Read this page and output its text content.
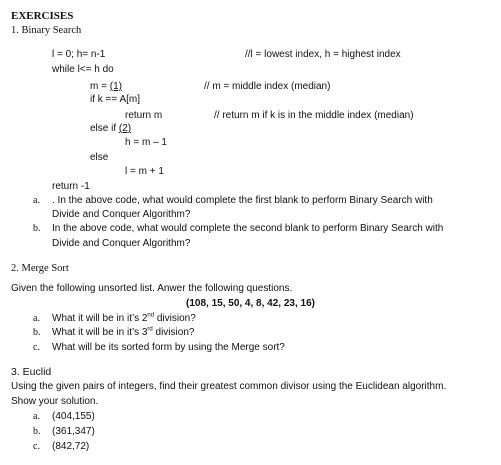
EXERCISES
1. Binary Search
l = 0; h= n-1	//l = lowest index, h = highest index
while l<= h do
m = (1)	// m = middle index (median)
if k == A[m]
return m	// return m if k is in the middle index (median)
else if (2)
h = m – 1
else
l = m + 1
return -1
a. . In the above code, what would complete the first blank to perform Binary Search with
Divide and Conquer Algorithm?
b. In the above code, what would complete the second blank to perform Binary Search with
Divide and Conquer Algorithm?
2. Merge Sort
Given the following unsorted list. Anwer the following questions.
(108, 15, 50, 4, 8, 42, 23, 16)
a. What it will be in it’s 2nd division?
b. What it will be in it’s 3rd division?
c. What will be its sorted form by using the Merge sort?
3. Euclid
Using the given pairs of integers, find their greatest common divisor using the Euclidean algorithm.
Show your solution.
a. (404,155)
b. (361,347)
c. (842,72)
